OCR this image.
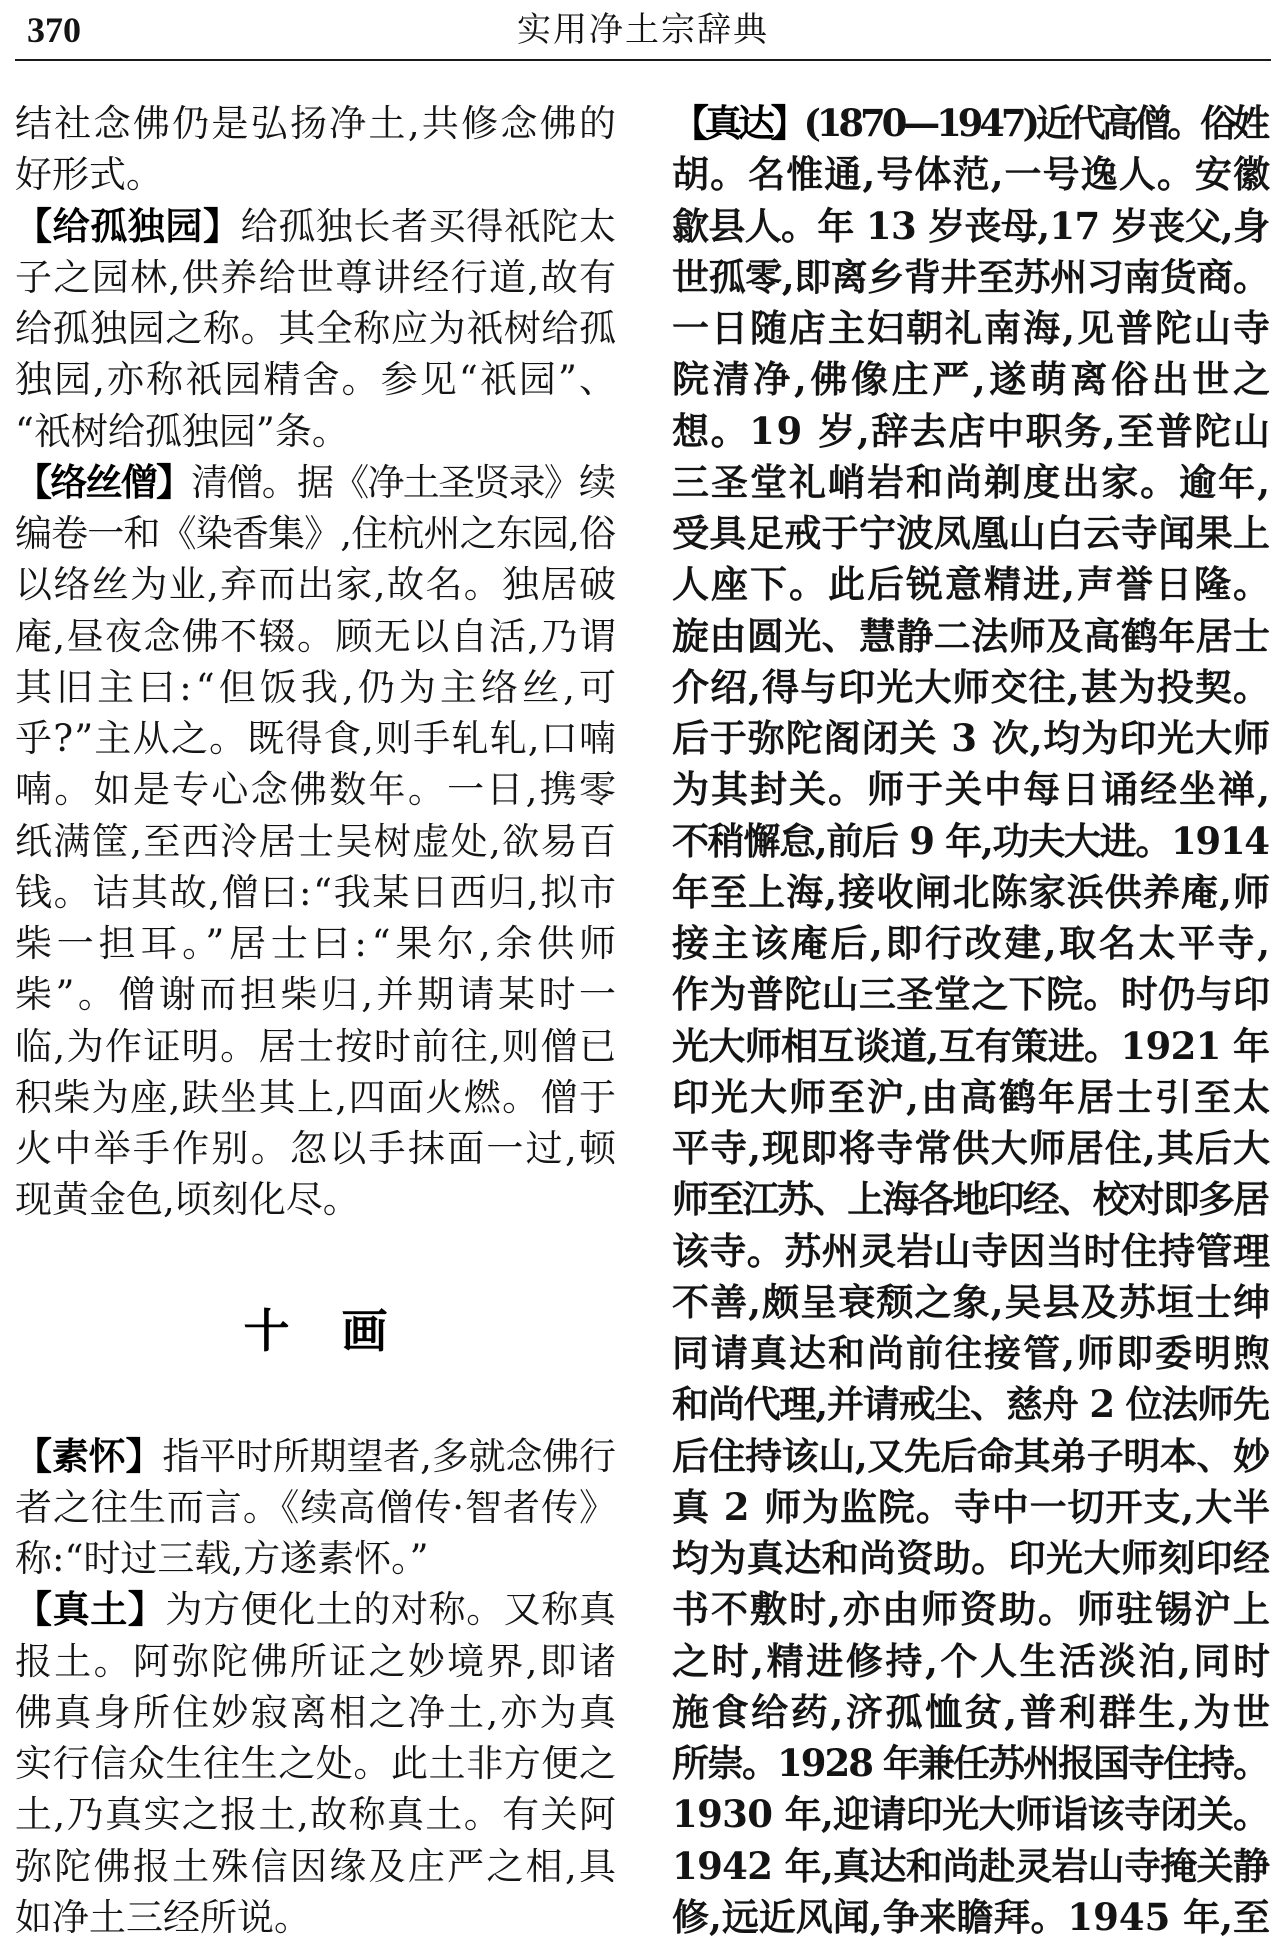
370	实用净土宗辞典
结社念佛仍是弘扬净土,共修念佛的
好形式。
【给孤独园】给孤独长者买得祇陀太
子之园林,供养给世尊讲经行道,故有
给孤独园之称。其全称应为祇树给孤
独园,亦称祇园精舍。参见“祇园”、
“祇树给孤独园”条。
【络丝僧】清僧。据《净土圣贤录》续
编卷一和《染香集》,住杭州之东园,俗
以络丝为业,弃而出家,故名。独居破
庵,昼夜念佛不辍。顾无以自活,乃谓
其旧主曰:“但饭我,仍为主络丝,可
乎?”主从之。既得食,则手轧轧,口喃
喃。如是专心念佛数年。一日,携零
纸满筐,至西泠居士吴树虚处,欲易百
钱。诘其故,僧曰:“我某日西归,拟市
柴一担耳。”居士曰:“果尔,余供师
柴”。僧谢而担柴归,并期请某时一
临,为作证明。居士按时前往,则僧已
积柴为座,趺坐其上,四面火燃。僧于
火中举手作别。忽以手抹面一过,顿
现黄金色,顷刻化尽。
十画
【素怀】指平时所期望者,多就念佛行
者之往生而言。《续高僧传·智者传》
称:“时过三载,方遂素怀。”
【真土】为方便化土的对称。又称真
报土。阿弥陀佛所证之妙境界,即诸
佛真身所住妙寂离相之净土,亦为真
实行信众生往生之处。此土非方便之
土,乃真实之报土,故称真土。有关阿
弥陀佛报土殊信因缘及庄严之相,具
如净土三经所说。
【真达】(1870—1947)近代高僧。俗姓
胡。名惟通,号体范,一号逸人。安徽
歙县人。年 13 岁丧母,17 岁丧父,身
世孤零,即离乡背井至苏州习南货商。
一日随店主妇朝礼南海,见普陀山寺
院清净,佛像庄严,遂萌离俗出世之
想。19 岁,辞去店中职务,至普陀山
三圣堂礼峭岩和尚剃度出家。逾年,
受具足戒于宁波凤凰山白云寺闻果上
人座下。此后锐意精进,声誉日隆。
旋由圆光、慧静二法师及高鹤年居士
介绍,得与印光大师交往,甚为投契。
后于弥陀阁闭关 3 次,均为印光大师
为其封关。师于关中每日诵经坐禅,
不稍懈怠,前后 9 年,功夫大进。1914
年至上海,接收闸北陈家浜供养庵,师
接主该庵后,即行改建,取名太平寺,
作为普陀山三圣堂之下院。时仍与印
光大师相互谈道,互有策进。1921 年
印光大师至沪,由高鹤年居士引至太
平寺,现即将寺常供大师居住,其后大
师至江苏、上海各地印经、校对即多居
该寺。苏州灵岩山寺因当时住持管理
不善,颇呈衰颓之象,吴县及苏垣士绅
同请真达和尚前往接管,师即委明煦
和尚代理,并请戒尘、慈舟 2 位法师先
后住持该山,又先后命其弟子明本、妙
真 2 师为监院。寺中一切开支,大半
均为真达和尚资助。印光大师刻印经
书不敷时,亦由师资助。师驻锡沪上
之时,精进修持,个人生活淡泊,同时
施食给药,济孤恤贫,普利群生,为世
所崇。1928 年兼任苏州报国寺住持。
1930 年,迎请印光大师诣该寺闭关。
1942 年,真达和尚赴灵岩山寺掩关静
修,远近风闻,争来瞻拜。1945 年,至
